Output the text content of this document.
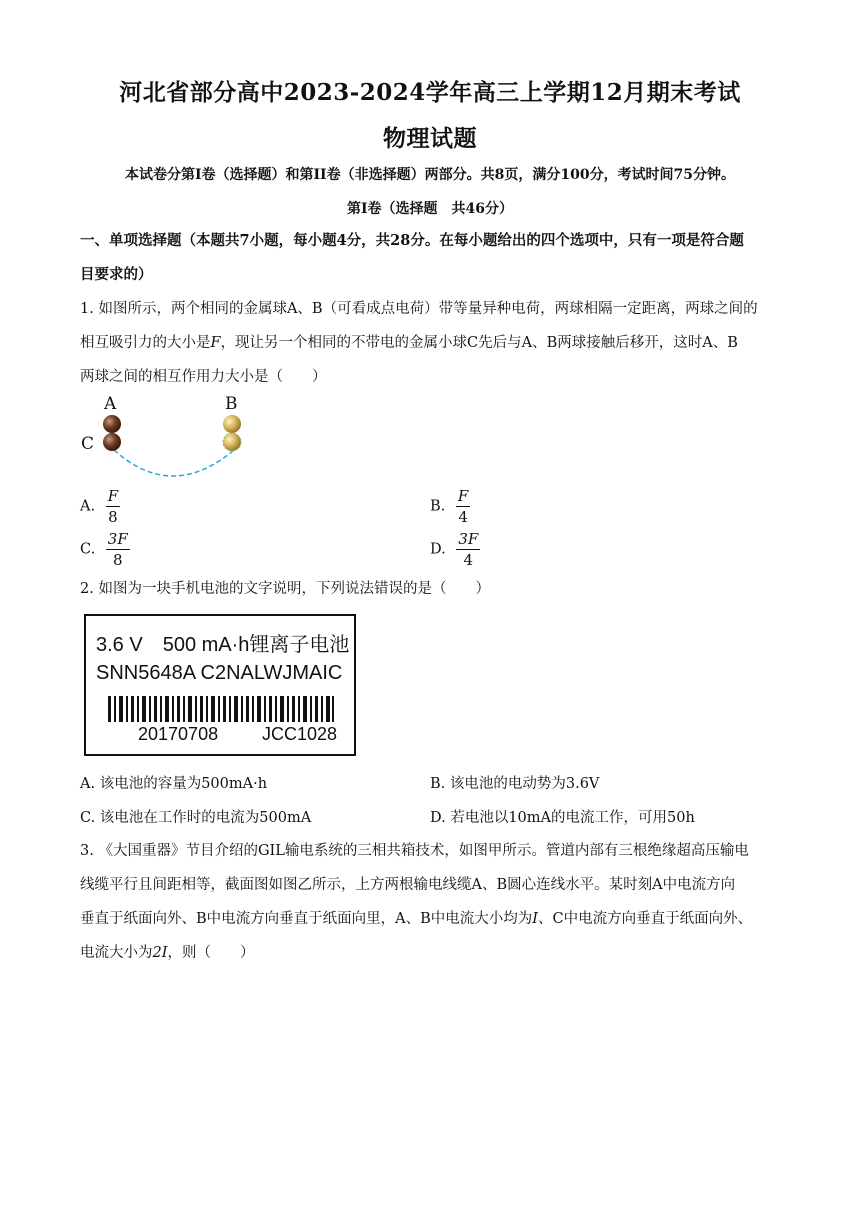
河北省部分高中2023-2024学年高三上学期12月期末考试
物理试题
本试卷分第I卷（选择题）和第II卷（非选择题）两部分。共8页，满分100分，考试时间75分钟。
第I卷（选择题　共46分）
一、单项选择题（本题共7小题，每小题4分，共28分。在每小题给出的四个选项中，只有一项是符合题
目要求的）
1. 如图所示，两个相同的金属球A、B（可看成点电荷）带等量异种电荷，两球相隔一定距离，两球之间的
相互吸引力的大小是F，现让另一个相同的不带电的金属小球C先后与A、B两球接触后移开，这时A、B
两球之间的相互作用力大小是（　　）
A
C
B
A. $\frac{F}{8}$	B. $\frac{F}{4}$
C. $\frac{3F}{8}$	D. $\frac{3F}{4}$
2. 如图为一块手机电池的文字说明，下列说法错误的是（　　）
3.6 V　500 mA·h锂离子电池
SNN5648A C2NALWJMAIC
20170708 JCC1028
A. 该电池的容量为500mA·h	B. 该电池的电动势为3.6V
C. 该电池在工作时的电流为500mA	D. 若电池以10mA的电流工作，可用50h
3. 《大国重器》节目介绍的GIL输电系统的三相共箱技术，如图甲所示。管道内部有三根绝缘超高压输电
线缆平行且间距相等，截面图如图乙所示，上方两根输电线缆A、B圆心连线水平。某时刻A中电流方向
垂直于纸面向外、B中电流方向垂直于纸面向里，A、B中电流大小均为I、C中电流方向垂直于纸面向外、
电流大小为2I，则（　　）
